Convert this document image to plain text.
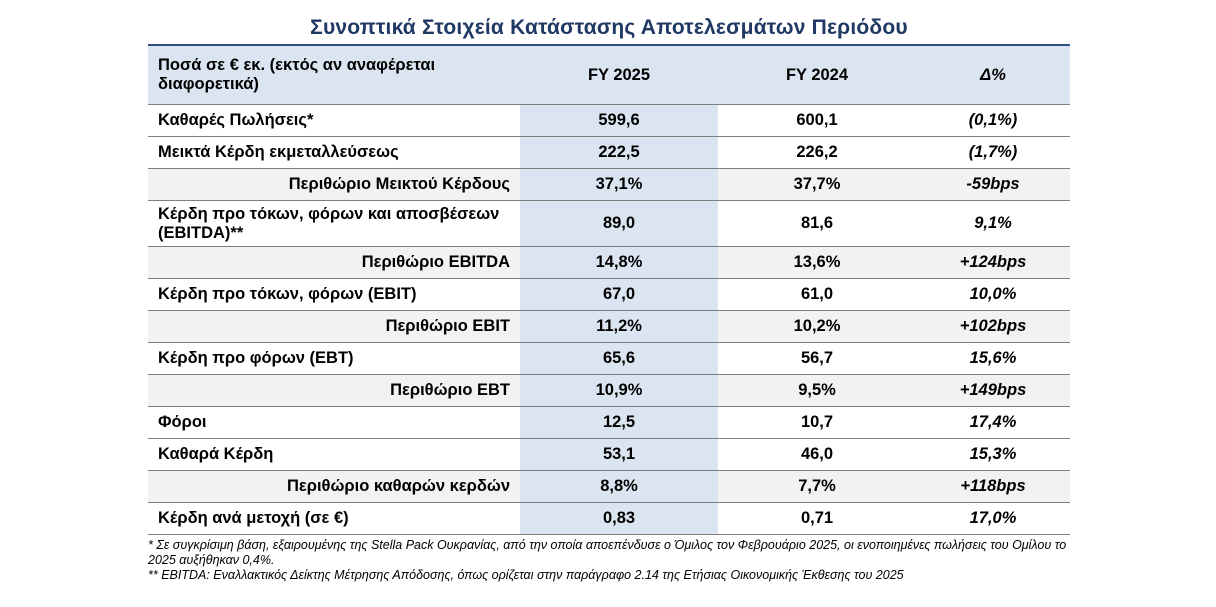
Συνοπτικά Στοιχεία Κατάστασης Αποτελεσμάτων Περιόδου
Ποσά σε € εκ. (εκτός αν αναφέρεται διαφορετικά)	FY 2025	FY 2024	Δ%
Καθαρές Πωλήσεις*	599,6	600,1	(0,1%)
Μεικτά Κέρδη εκμεταλλεύσεως	222,5	226,2	(1,7%)
Περιθώριο Μεικτού Κέρδους	37,1%	37,7%	-59bps
Κέρδη προ τόκων, φόρων και αποσβέσεων (EBITDA)**	89,0	81,6	9,1%
Περιθώριο EBITDA	14,8%	13,6%	+124bps
Κέρδη προ τόκων, φόρων (EBIT)	67,0	61,0	10,0%
Περιθώριο EBIT	11,2%	10,2%	+102bps
Κέρδη προ φόρων (EBT)	65,6	56,7	15,6%
Περιθώριο EBT	10,9%	9,5%	+149bps
Φόροι	12,5	10,7	17,4%
Καθαρά Κέρδη	53,1	46,0	15,3%
Περιθώριο καθαρών κερδών	8,8%	7,7%	+118bps
Κέρδη ανά μετοχή (σε €)	0,83	0,71	17,0%

* Σε συγκρίσιμη βάση, εξαιρουμένης της Stella Pack Ουκρανίας, από την οποία αποεπένδυσε ο Όμιλος τον Φεβρουάριο 2025, οι ενοποιημένες πωλήσεις του Ομίλου το 2025 αυξήθηκαν 0,4%.

** EBITDA: Εναλλακτικός Δείκτης Μέτρησης Απόδοσης, όπως ορίζεται στην παράγραφο 2.14 της Ετήσιας Οικονομικής Έκθεσης του 2025
